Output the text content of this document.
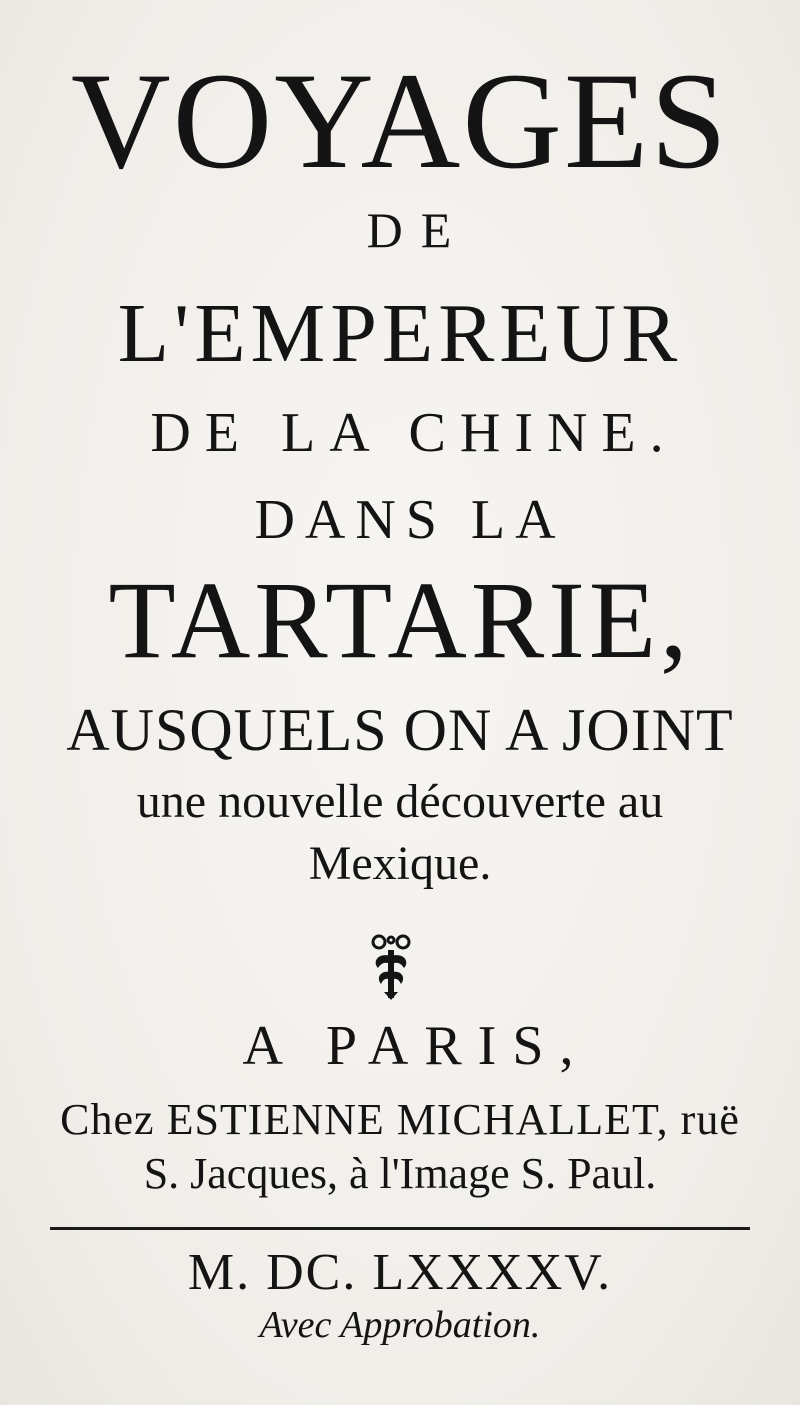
VOYAGES
DE
L'EMPEREUR
DE LA CHINE.
DANS LA
TARTARIE,
AUSQUELS ON A JOINT
une nouvelle découverte au
Mexique.
A PARIS,
Chez ESTIENNE MICHALLET, ruë
S. Jacques, à l'Image S. Paul.
M. DC. LXXXXV.
Avec Approbation.
